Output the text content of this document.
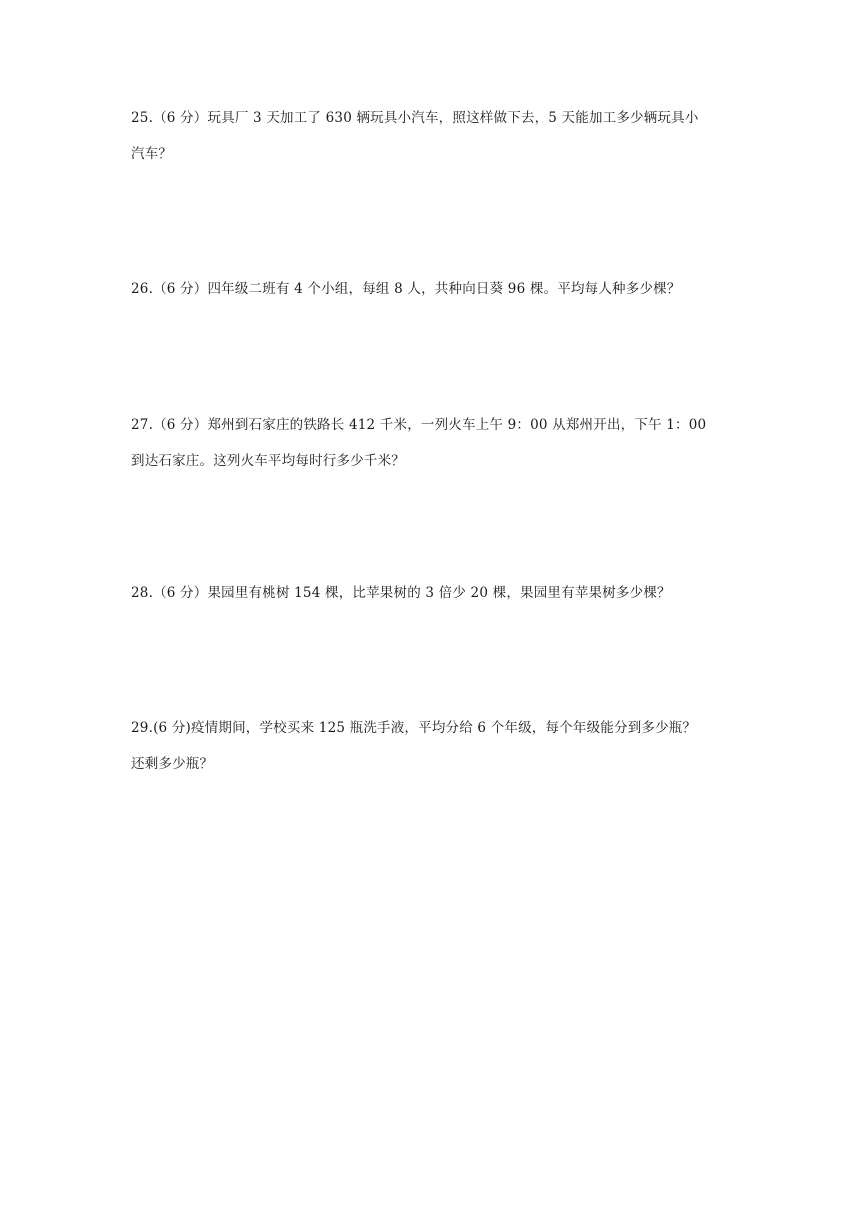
25.（6 分）玩具厂 3 天加工了 630 辆玩具小汽车，照这样做下去，5 天能加工多少辆玩具小
汽车？
26.（6 分）四年级二班有 4 个小组，每组 8 人，共种向日葵 96 棵。平均每人种多少棵？
27.（6 分）郑州到石家庄的铁路长 412 千米，一列火车上午 9：00 从郑州开出，下午 1：00
到达石家庄。这列火车平均每时行多少千米？
28.（6 分）果园里有桃树 154 棵，比苹果树的 3 倍少 20 棵，果园里有苹果树多少棵？
29.(6 分)疫情期间，学校买来 125 瓶洗手液，平均分给 6 个年级，每个年级能分到多少瓶？
还剩多少瓶？
